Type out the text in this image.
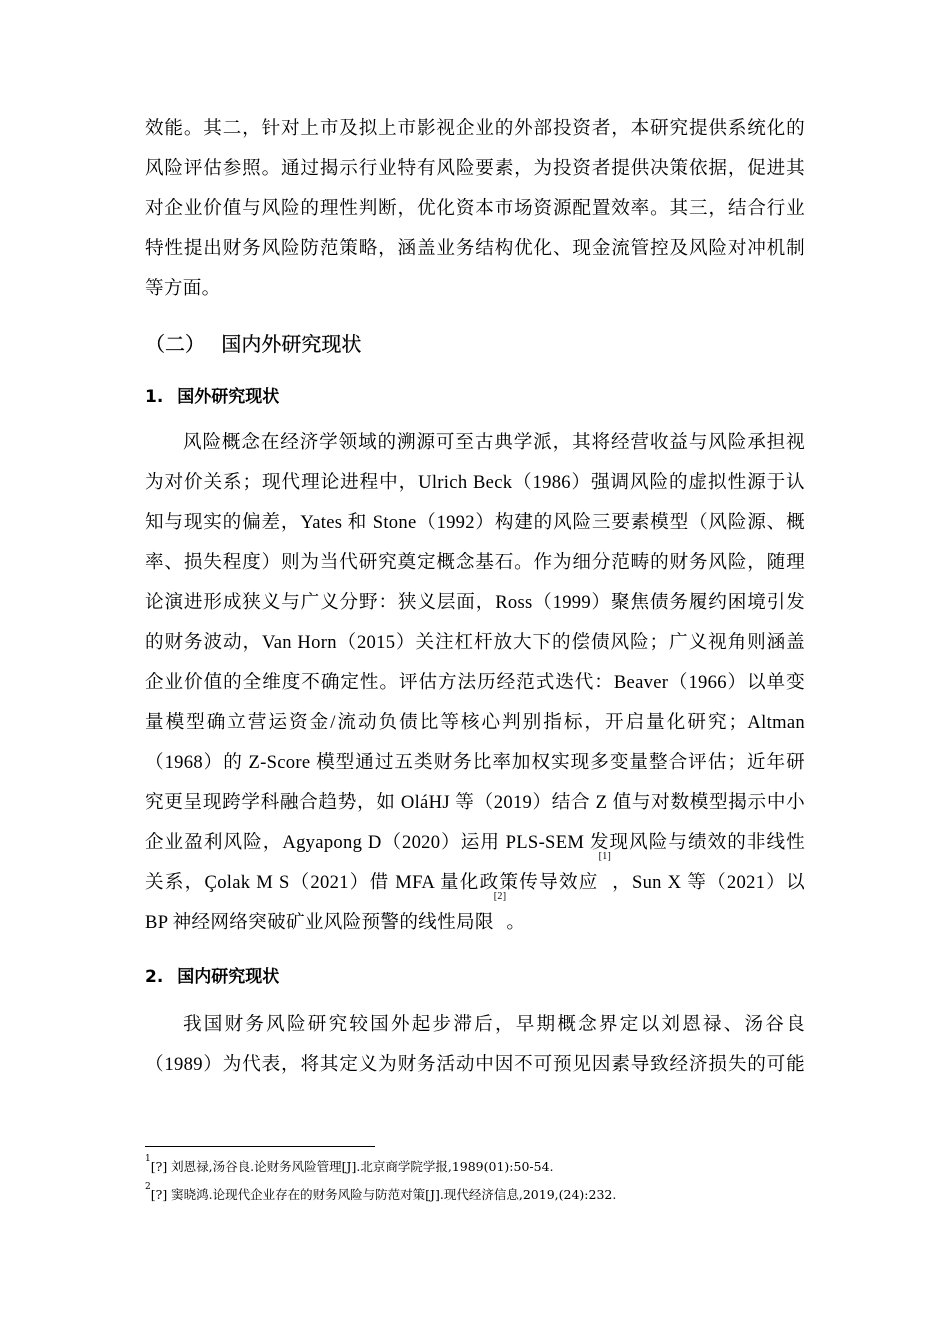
效能。其二，针对上市及拟上市影视企业的外部投资者，本研究提供系统化的
风险评估参照。通过揭示行业特有风险要素，为投资者提供决策依据，促进其
对企业价值与风险的理性判断，优化资本市场资源配置效率。其三，结合行业
特性提出财务风险防范策略，涵盖业务结构优化、现金流管控及风险对冲机制
等方面。
（二） 国内外研究现状
1. 国外研究现状
风险概念在经济学领域的溯源可至古典学派，其将经营收益与风险承担视
为对价关系；现代理论进程中，Ulrich Beck（1986）强调风险的虚拟性源于认
知与现实的偏差，Yates 和 Stone（1992）构建的风险三要素模型（风险源、概
率、损失程度）则为当代研究奠定概念基石。作为细分范畴的财务风险，随理
论演进形成狭义与广义分野：狭义层面，Ross（1999）聚焦债务履约困境引发
的财务波动，Van Horn（2015）关注杠杆放大下的偿债风险；广义视角则涵盖
企业价值的全维度不确定性。评估方法历经范式迭代：Beaver（1966）以单变
量模型确立营运资金/流动负债比等核心判别指标，开启量化研究；Altman
（1968）的 Z-Score 模型通过五类财务比率加权实现多变量整合评估；近年研
究更呈现跨学科融合趋势，如 OláHJ 等（2019）结合 Z 值与对数模型揭示中小
企业盈利风险，Agyapong D（2020）运用 PLS-SEM 发现风险与绩效的非线性
关系，Çolak M S（2021）借 MFA 量化政策传导效应[1]，Sun X 等（2021）以
BP 神经网络突破矿业风险预警的线性局限[2]。
2. 国内研究现状
我国财务风险研究较国外起步滞后，早期概念界定以刘恩禄、汤谷良
（1989）为代表，将其定义为财务活动中因不可预见因素导致经济损失的可能
$^1$[?] 刘恩禄,汤谷良.论财务风险管理[J].北京商学院学报,1989(01):50-54.
$^2$[?] 窦晓鸿.论现代企业存在的财务风险与防范对策[J].现代经济信息,2019,(24):232.
